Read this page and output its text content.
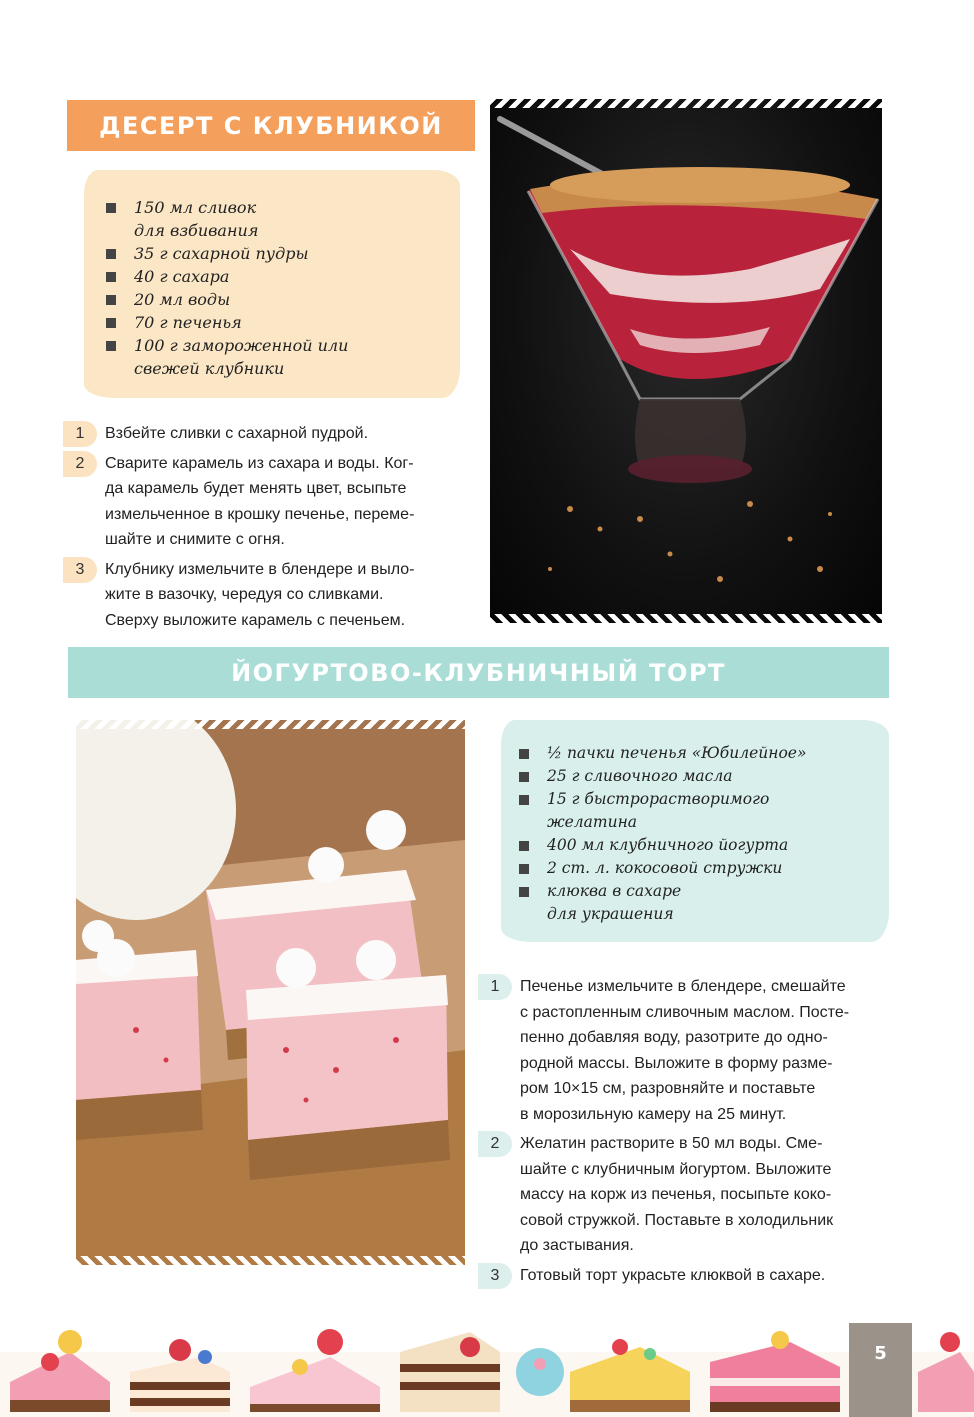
ДЕСЕРТ С КЛУБНИКОЙ
150 мл сливок
для взбивания
35 г сахарной пудры
40 г сахара
20 мл воды
70 г печенья
100 г замороженной или
свежей клубники
1	Взбейте сливки с сахарной пудрой.
2	Сварите карамель из сахара и воды. Ког-
да карамель будет менять цвет, всыпьте
измельченное в крошку печенье, переме-
шайте и снимите с огня.
3	Клубнику измельчите в блендере и выло-
жите в вазочку, чередуя со сливками.
Сверху выложите карамель с печеньем.
ЙОГУРТОВО-КЛУБНИЧНЫЙ ТОРТ
½ пачки печенья «Юбилейное»
25 г сливочного масла
15 г быстрорастворимого
желатина
400 мл клубничного йогурта
2 ст. л. кокосовой стружки
клюква в сахаре
для украшения
1	Печенье измельчите в блендере, смешайте
с растопленным сливочным маслом. Посте-
пенно добавляя воду, разотрите до одно-
родной массы. Выложите в форму разме-
ром 10×15 см, разровняйте и поставьте
в морозильную камеру на 25 минут.
2	Желатин растворите в 50 мл воды. Сме-
шайте с клубничным йогуртом. Выложите
массу на корж из печенья, посыпьте коко-
совой стружкой. Поставьте в холодильник
до застывания.
3	Готовый торт украсьте клюквой в сахаре.
5
